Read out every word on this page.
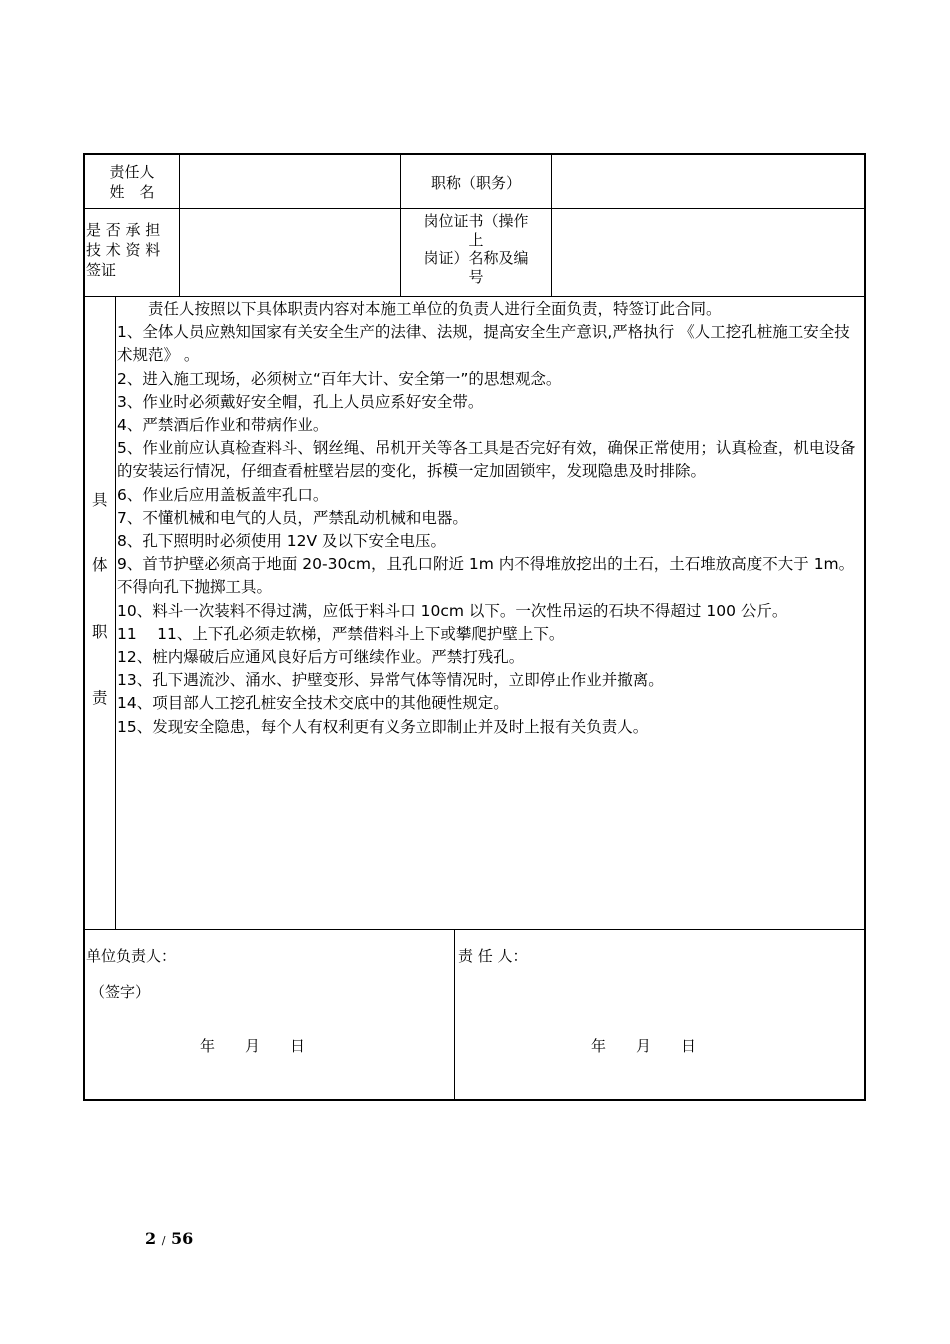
责任人
姓　名	职称（职务）
是 否 承 担
技 术 资 料
签证
岗位证书（操作
上
岗证）名称及编
号
具
体
职
责
　　责任人按照以下具体职责内容对本施工单位的负责人进行全面负责，特签订此合同。
1、全体人员应熟知国家有关安全生产的法律、法规，提高安全生产意识,严格执行 《人工挖孔桩施工安全技术规范》 。
2、进入施工现场，必须树立“百年大计、安全第一”的思想观念。
3、作业时必须戴好安全帽，孔上人员应系好安全带。
4、严禁酒后作业和带病作业。
5、作业前应认真检查料斗、钢丝绳、吊机开关等各工具是否完好有效，确保正常使用；认真检查，机电设备的安装运行情况，仔细查看桩壁岩层的变化，拆模一定加固锁牢，发现隐患及时排除。
6、作业后应用盖板盖牢孔口。
7、不懂机械和电气的人员，严禁乱动机械和电器。
8、孔下照明时必须使用 12V 及以下安全电压。
9、首节护壁必须高于地面 20-30cm，且孔口附近 1m 内不得堆放挖出的土石，土石堆放高度不大于 1m。不得向孔下抛掷工具。
10、料斗一次装料不得过满，应低于料斗口 10cm 以下。一次性吊运的石块不得超过 100 公斤。
11　 11、上下孔必须走软梯，严禁借料斗上下或攀爬护壁上下。
12、桩内爆破后应通风良好后方可继续作业。严禁打残孔。
13、孔下遇流沙、涌水、护壁变形、异常气体等情况时，立即停止作业并撤离。
14、项目部人工挖孔桩安全技术交底中的其他硬性规定。
15、发现安全隐患，每个人有权利更有义务立即制止并及时上报有关负责人。
单位负责人：
（签字）
年　　月　　日
责 任 人：
年　　月　　日
2 / 56
